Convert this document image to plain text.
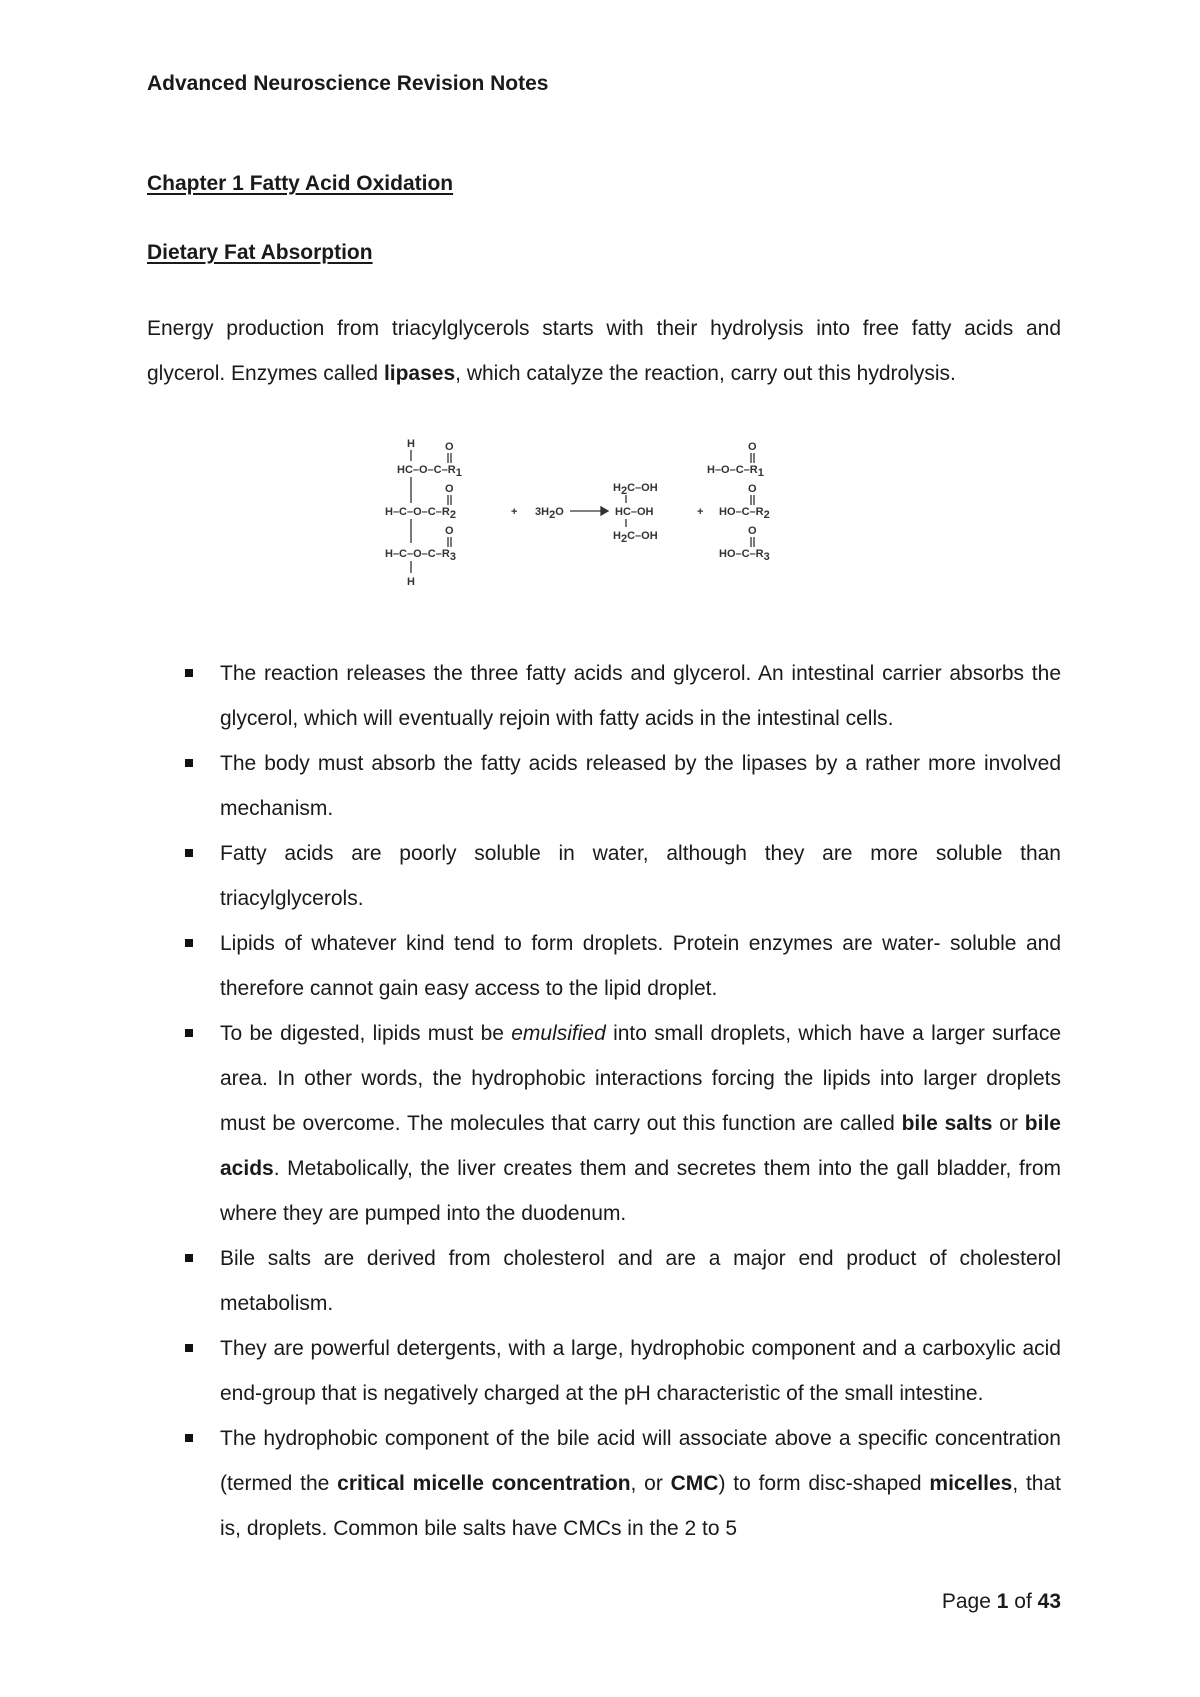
Advanced Neuroscience Revision Notes
Chapter 1 Fatty Acid Oxidation
Dietary Fat Absorption

Energy production from triacylglycerols starts with their hydrolysis into free fatty acids and glycerol. Enzymes called lipases, which catalyze the reaction, carry out this hydrolysis.

H	O
HC–O–C–R1
O
H–C–O–C–R2
O
H–C–O–C–R3
H
+ 3H2O
H2C–OH
HC–OH
H2C–OH
+
O
H–O–C–R1
O
HO–C–R2
O
HO–C–R3
The reaction releases the three fatty acids and glycerol. An intestinal carrier absorbs the glycerol, which will eventually rejoin with fatty acids in the intestinal cells.
The body must absorb the fatty acids released by the lipases by a rather more involved mechanism.
Fatty acids are poorly soluble in water, although they are more soluble than triacylglycerols.
Lipids of whatever kind tend to form droplets. Protein enzymes are water- soluble and therefore cannot gain easy access to the lipid droplet.
To be digested, lipids must be emulsified into small droplets, which have a larger surface area. In other words, the hydrophobic interactions forcing the lipids into larger droplets must be overcome. The molecules that carry out this function are called bile salts or bile acids. Metabolically, the liver creates them and secretes them into the gall bladder, from where they are pumped into the duodenum.
Bile salts are derived from cholesterol and are a major end product of cholesterol metabolism.
They are powerful detergents, with a large, hydrophobic component and a carboxylic acid end-group that is negatively charged at the pH characteristic of the small intestine.
The hydrophobic component of the bile acid will associate above a specific concentration (termed the critical micelle concentration, or CMC) to form disc-shaped micelles, that is, droplets. Common bile salts have CMCs in the 2 to 5
Page 1 of 43
